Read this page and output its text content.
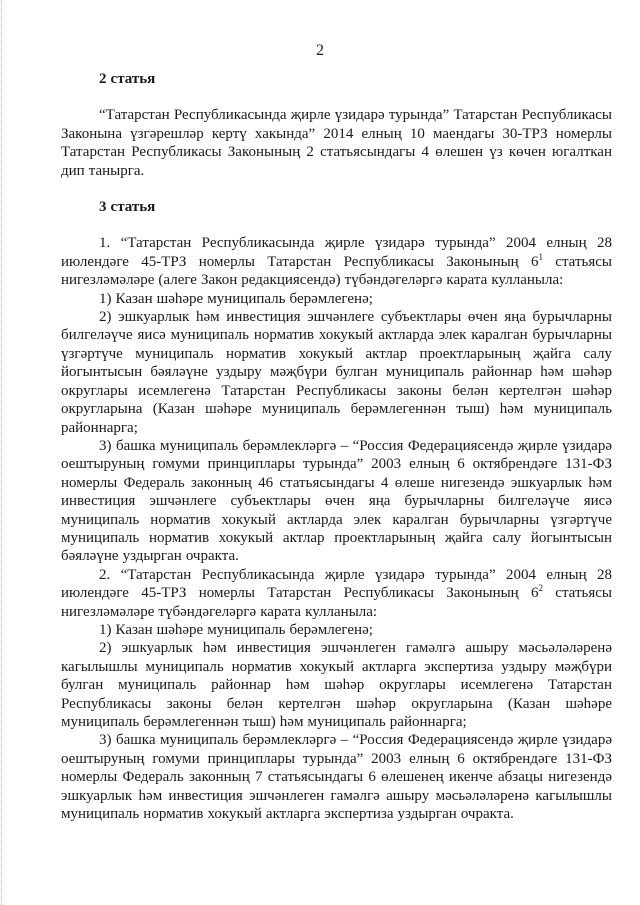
2

2 статья

“Татарстан Республикасында җирле үзидарә турында” Татарстан Республикасы Законына үзгәрешләр кертү хакында” 2014 елның 10 маендагы 30-ТРЗ номерлы Татарстан Республикасы Законының 2 статьясындагы 4 өлешен үз көчен югалткан дип танырга.

3 статья

1. “Татарстан Республикасында җирле үзидарә турында” 2004 елның 28 июлендәге 45-ТРЗ номерлы Татарстан Республикасы Законының $6^1$ статьясы нигезләмәләре (алеге Закон редакциясендә) түбәндәгеләргә карата кулланыла:

1) Казан шәһәре муниципаль берәмлегенә;

2) эшкуарлык һәм инвестиция эшчәнлеге субъектлары өчен яңа бурычларны билгеләүче яисә муниципаль норматив хокукый актларда элек каралган бурычларны үзгәртүче муниципаль норматив хокукый актлар проектларының җайга салу йогынтысын бәяләүне уздыру мәҗбүри булган муниципаль районнар һәм шәһәр округлары исемлегенә Татарстан Республикасы законы белән кертелгән шәһәр округларына (Казан шәһәре муниципаль берәмлегеннән тыш) һәм муниципаль районнарга;

3) башка муниципаль берәмлекләргә – “Россия Федерациясендә җирле үзидарә оештыруның гомуми принциплары турында” 2003 елның 6 октябрендәге 131-ФЗ номерлы Федераль законның 46 статьясындагы 4 өлеше нигезендә эшкуарлык һәм инвестиция эшчәнлеге субъектлары өчен яңа бурычларны билгеләүче яисә муниципаль норматив хокукый актларда элек каралган бурычларны үзгәртүче муниципаль норматив хокукый актлар проектларының җайга салу йогынтысын бәяләүне уздырган очракта.

2. “Татарстан Республикасында җирле үзидарә турында” 2004 елның 28 июлендәге 45-ТРЗ номерлы Татарстан Республикасы Законының $6^2$ статьясы нигезләмәләре түбәндәгеләргә карата кулланыла:

1) Казан шәһәре муниципаль берәмлегенә;

2) эшкуарлык һәм инвестиция эшчәнлеген гамәлгә ашыру мәсьәләләренә кагылышлы муниципаль норматив хокукый актларга экспертиза уздыру мәҗбүри булган муниципаль районнар һәм шәһәр округлары исемлегенә Татарстан Республикасы законы белән кертелгән шәһәр округларына (Казан шәһәре муниципаль берәмлегеннән тыш) һәм муниципаль районнарга;

3) башка муниципаль берәмлекләргә – “Россия Федерациясендә җирле үзидарә оештыруның гомуми принциплары турында” 2003 елның 6 октябрендәге 131-ФЗ номерлы Федераль законның 7 статьясындагы 6 өлешенең икенче абзацы нигезендә эшкуарлык һәм инвестиция эшчәнлеген гамәлгә ашыру мәсьәләләренә кагылышлы муниципаль норматив хокукый актларга экспертиза уздырган очракта.
